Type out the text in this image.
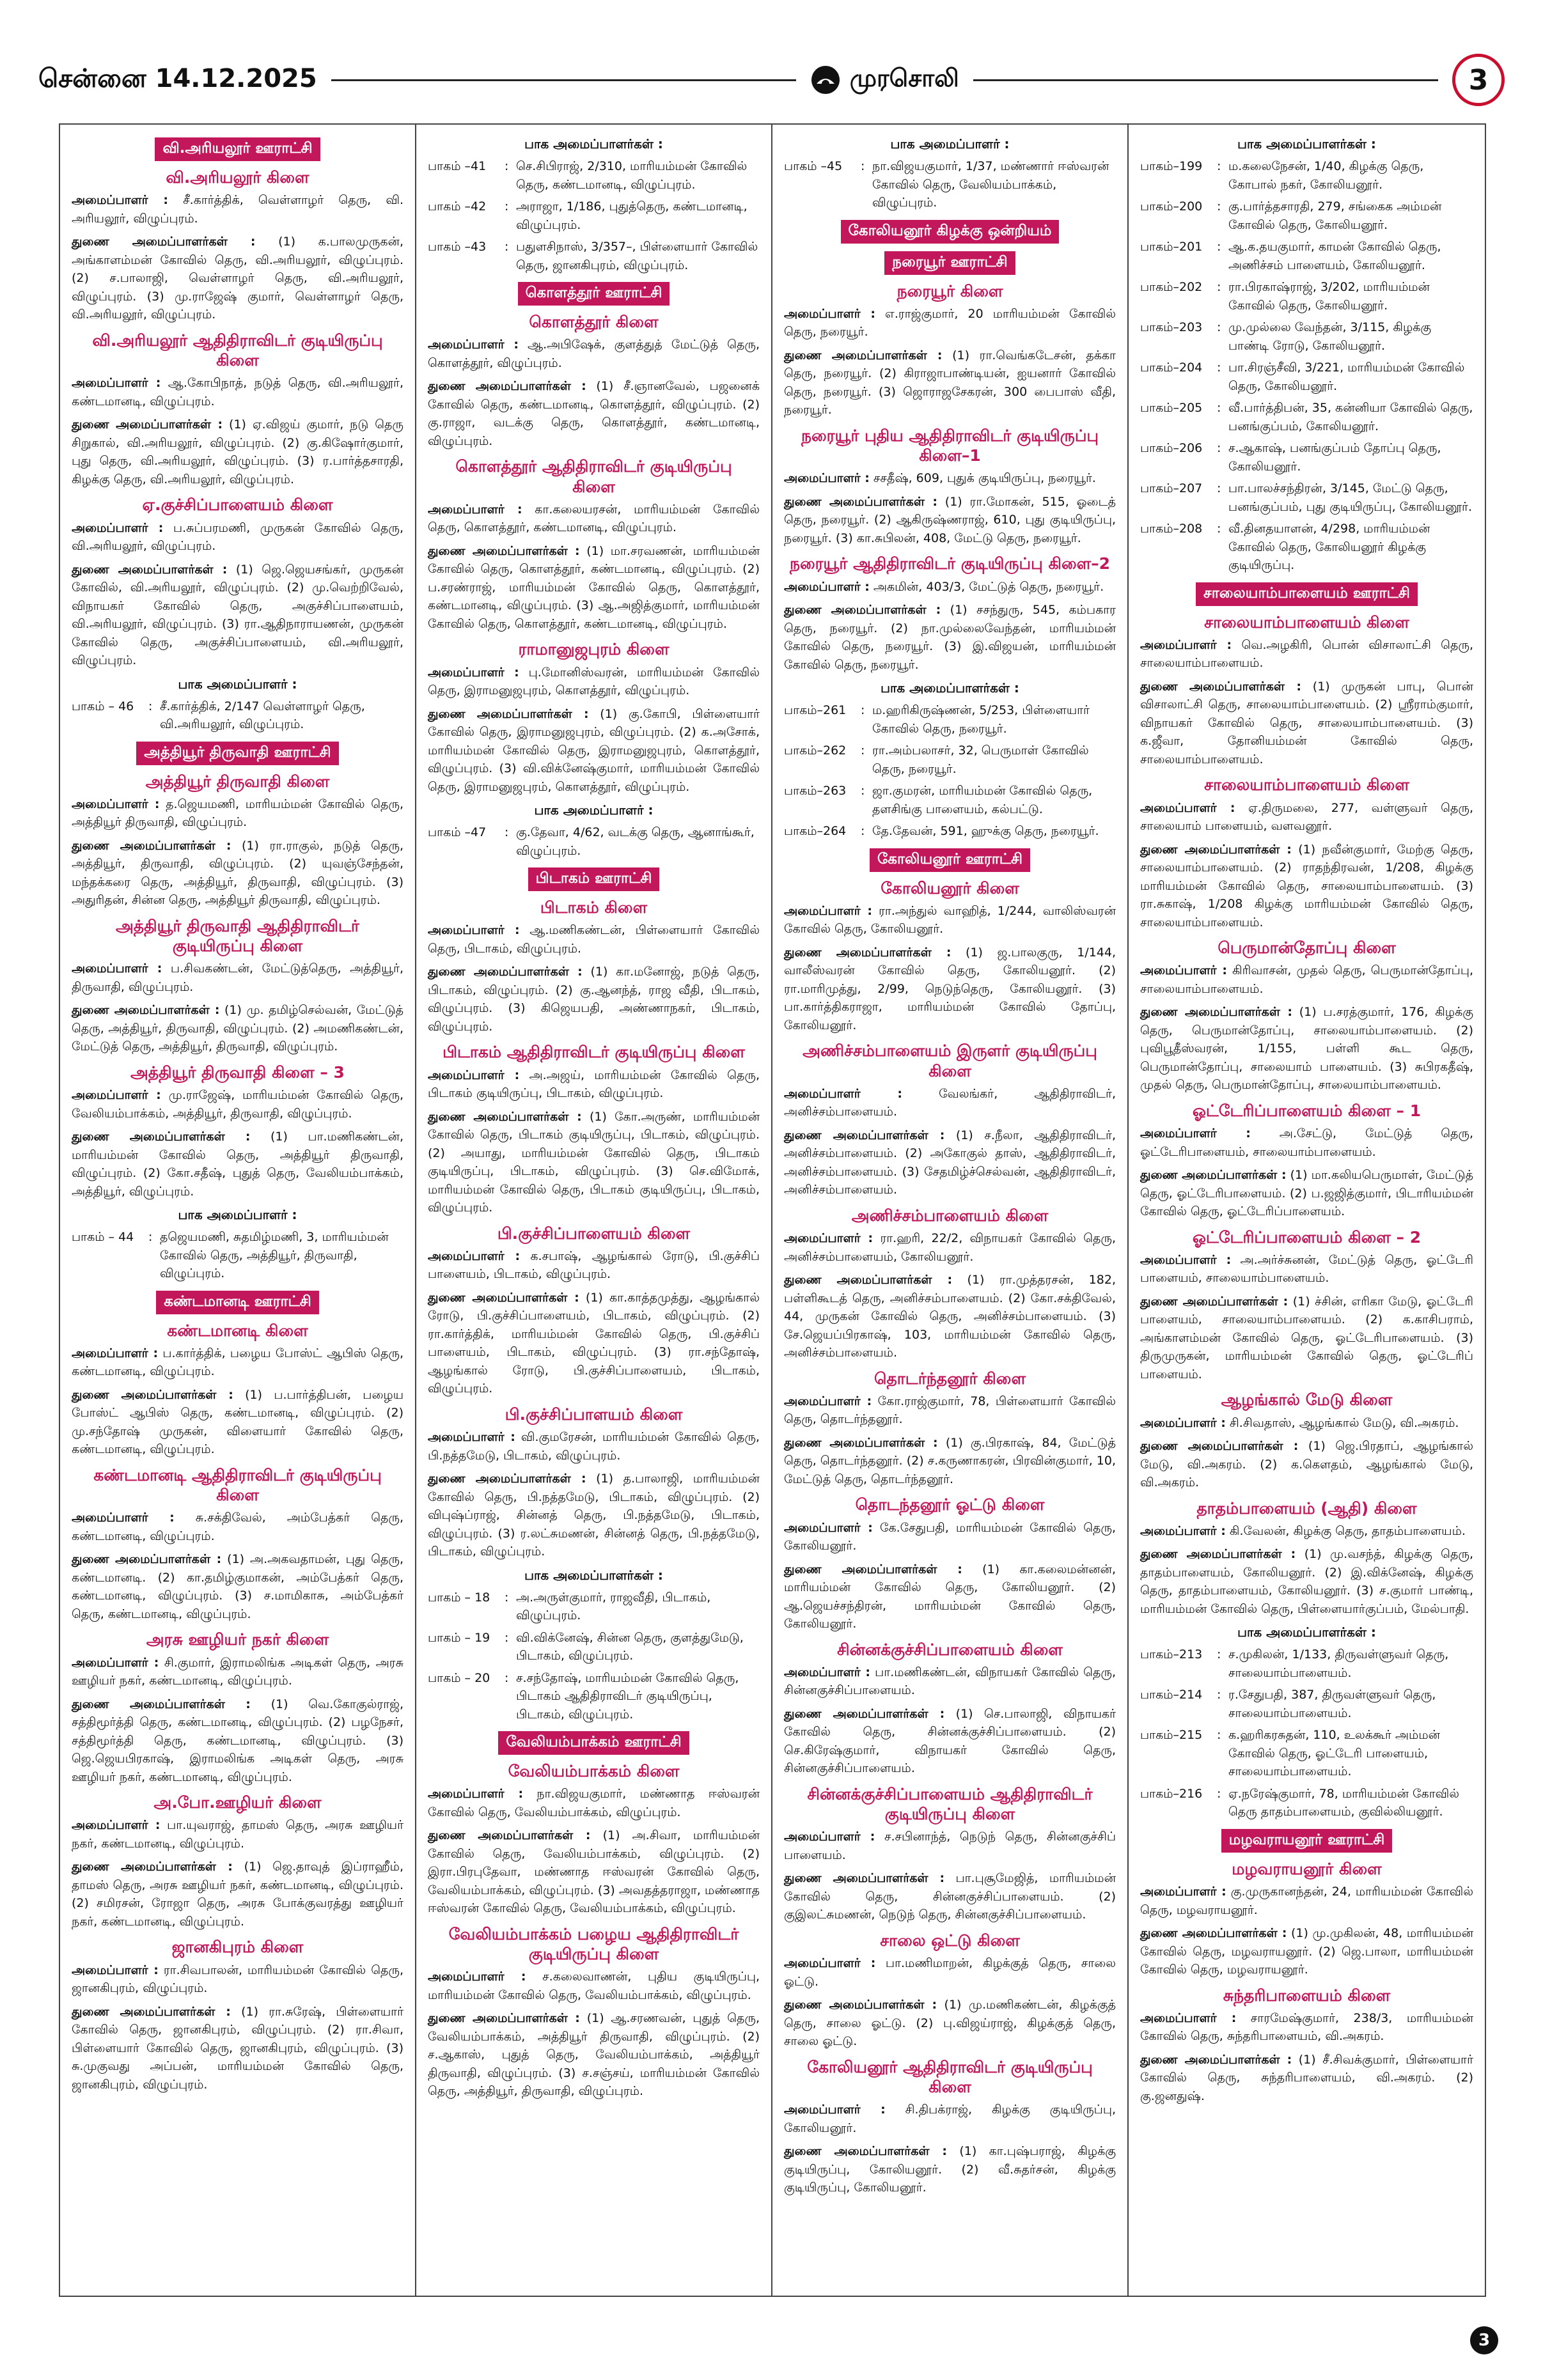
சென்னை 14.12.2025	முரசொலி	3
வி.அரியலூர் ஊராட்சி
வி.அரியலூர் கிளை

அமைப்பாளர் : சீ.கார்த்திக், வெள்ளாழர் தெரு, வி. அரியலூர், விழுப்புரம்.

துணை அமைப்பாளர்கள் : (1) க.பாலமுருகன், அங்காளம்மன் கோவில் தெரு, வி.அரியலூர், விழுப்புரம். (2) ச.பாலாஜி, வெள்ளாழர் தெரு, வி.அரியலூர், விழுப்புரம். (3) மு.ராஜேஷ் குமார், வெள்ளாழர் தெரு, வி.அரியலூர், விழுப்புரம்.

வி.அரியலூர் ஆதிதிராவிடர் குடியிருப்பு கிளை

அமைப்பாளர் : ஆ.கோபிநாத், நடுத் தெரு, வி.அரியலூர், கண்டமானடி, விழுப்புரம்.

துணை அமைப்பாளர்கள் : (1) ஏ.விஜய் குமார், நடு தெரு சிறுகால், வி.அரியலூர், விழுப்புரம். (2) கு.கிஷோர்குமார், புது தெரு, வி.அரியலூர், விழுப்புரம். (3) ர.பார்த்தசாரதி, கிழக்கு தெரு, வி.அரியலூர், விழுப்புரம்.

ஏ.குச்சிப்பாளையம் கிளை

அமைப்பாளர் : ப.சுப்பரமணி, முருகன் கோவில் தெரு, வி.அரியலூர், விழுப்புரம்.

துணை அமைப்பாளர்கள் : (1) ஜெ.ஜெயசங்கர், முருகன் கோவில், வி.அரியலூர், விழுப்புரம். (2) மு.வெற்றிவேல், விநாயகர் கோவில் தெரு, அகுச்சிப்பாளையம், வி.அரியலூர், விழுப்புரம். (3) ரா.ஆதிநாராயணன், முருகன் கோவில் தெரு, அகுச்சிப்பாளையம், வி.அரியலூர், விழுப்புரம்.

பாக அமைப்பாளர் :
பாகம் – 46	: சீ.கார்த்திக், 2/147 வெள்ளாழர் தெரு, வி.அரியலூர், விழுப்புரம்.
அத்தியூர் திருவாதி ஊராட்சி
அத்தியூர் திருவாதி கிளை

அமைப்பாளர் : த.ஜெயமணி, மாரியம்மன் கோவில் தெரு, அத்தியூர் திருவாதி, விழுப்புரம்.

துணை அமைப்பாளர்கள் : (1) ரா.ராகுல், நடுத் தெரு, அத்தியூர், திருவாதி, விழுப்புரம். (2) யுவஞ்சேந்தன், மந்தக்கரை தெரு, அத்தியூர், திருவாதி, விழுப்புரம். (3) அதுரிதன், சின்ன தெரு, அத்தியூர் திருவாதி, விழுப்புரம்.

அத்தியூர் திருவாதி ஆதிதிராவிடர் குடியிருப்பு கிளை

அமைப்பாளர் : ப.சிவகண்டன், மேட்டுத்தெரு, அத்தியூர், திருவாதி, விழுப்புரம்.

துணை அமைப்பாளர்கள் : (1) மு. தமிழ்செல்வன், மேட்டுத் தெரு, அத்தியூர், திருவாதி, விழுப்புரம். (2) அமணிகண்டன், மேட்டுத் தெரு, அத்தியூர், திருவாதி, விழுப்புரம்.

அத்தியூர் திருவாதி கிளை – 3

அமைப்பாளர் : மு.ராஜேஷ், மாரியம்மன் கோவில் தெரு, வேலியம்பாக்கம், அத்தியூர், திருவாதி, விழுப்புரம்.

துணை அமைப்பாளர்கள் : (1) பா.மணிகண்டன், மாரியம்மன் கோவில் தெரு, அத்தியூர் திருவாதி, விழுப்புரம். (2) கோ.சதீஷ், புதுத் தெரு, வேலியம்பாக்கம், அத்தியூர், விழுப்புரம்.

பாக அமைப்பாளர் :
பாகம் – 44	: தஜெயமணி, சுதமிழ்மணி, 3, மாரியம்மன் கோவில் தெரு, அத்தியூர், திருவாதி, விழுப்புரம்.
கண்டமானடி ஊராட்சி
கண்டமானடி கிளை

அமைப்பாளர் : ப.கார்த்திக், பழைய போஸ்ட் ஆபிஸ் தெரு, கண்டமானடி, விழுப்புரம்.

துணை அமைப்பாளர்கள் : (1) ப.பார்த்திபன், பழைய போஸ்ட் ஆபிஸ் தெரு, கண்டமானடி, விழுப்புரம். (2) மு.சந்தோஷ் முருகன், விளையார் கோவில் தெரு, கண்டமானடி, விழுப்புரம்.

கண்டமானடி ஆதிதிராவிடர் குடியிருப்பு கிளை

அமைப்பாளர் : சு.சக்திவேல், அம்பேத்கர் தெரு, கண்டமானடி, விழுப்புரம்.

துணை அமைப்பாளர்கள் : (1) அ.அகவதாமன், புது தெரு, கண்டமானடி. (2) கா.தமிழ்குமாகன், அம்பேத்கர் தெரு, கண்டமானடி, விழுப்புரம். (3) ச.மாமிகாசு, அம்பேத்கர் தெரு, கண்டமானடி, விழுப்புரம்.

அரசு ஊழியர் நகர் கிளை

அமைப்பாளர் : சி.குமார், இராமலிங்க அடிகள் தெரு, அரசு ஊழியர் நகர், கண்டமானடி, விழுப்புரம்.

துணை அமைப்பாளர்கள் : (1) வெ.கோகுல்ராஜ், சத்திமூர்த்தி தெரு, கண்டமானடி, விழுப்புரம். (2) பழநேசர், சத்திமூர்த்தி தெரு, கண்டமானடி, விழுப்புரம். (3) ஜெ.ஜெயபிரகாஷ், இராமலிங்க அடிகள் தெரு, அரசு ஊழியர் நகர், கண்டமானடி, விழுப்புரம்.

அ.போ.ஊழியர் கிளை

அமைப்பாளர் : பா.யுவராஜ், தாமஸ் தெரு, அரசு ஊழியர் நகர், கண்டமானடி, விழுப்புரம்.

துணை அமைப்பாளர்கள் : (1) ஜெ.தாவுத் இப்ராஹீம், தாமஸ் தெரு, அரசு ஊழியர் நகர், கண்டமானடி, விழுப்புரம். (2) சமிரசன், ரோஜா தெரு, அரசு போக்குவரத்து ஊழியர் நகர், கண்டமானடி, விழுப்புரம்.

ஜானகிபுரம் கிளை

அமைப்பாளர் : ரா.சிவபாலன், மாரியம்மன் கோவில் தெரு, ஜானகிபுரம், விழுப்புரம்.

துணை அமைப்பாளர்கள் : (1) ரா.சுரேஷ், பிள்ளையார் கோவில் தெரு, ஜானகிபுரம், விழுப்புரம். (2) ரா.சிவா, பிள்ளையார் கோவில் தெரு, ஜானகிபுரம், விழுப்புரம். (3) சு.முகுவது அப்பன், மாரியம்மன் கோவில் தெரு, ஜானகிபுரம், விழுப்புரம்.

பாக அமைப்பாளர்கள் :
பாகம் –41	: செ.சிபிராஜ், 2/310, மாரியம்மன் கோவில் தெரு, கண்டமானடி, விழுப்புரம்.
பாகம் –42	: அராஜா, 1/186, புதுத்தெரு, கண்டமானடி, விழுப்புரம்.
பாகம் –43	: பதுளசிநாஸ், 3/357–, பிள்ளையார் கோவில் தெரு, ஜானகிபுரம், விழுப்புரம்.
கொளத்தூர் ஊராட்சி
கொளத்தூர் கிளை

அமைப்பாளர் : ஆ.அபிஷேக், குளத்துத் மேட்டுத் தெரு, கொளத்தூர், விழுப்புரம்.

துணை அமைப்பாளர்கள் : (1) சீ.ஞானவேல், பஜனைக் கோவில் தெரு, கண்டமானடி, கொளத்தூர், விழுப்புரம். (2) கு.ராஜா, வடக்கு தெரு, கொளத்தூர், கண்டமானடி, விழுப்புரம்.

கொளத்தூர் ஆதிதிராவிடர் குடியிருப்பு கிளை

அமைப்பாளர் : கா.கலையரசன், மாரியம்மன் கோவில் தெரு, கொளத்தூர், கண்டமானடி, விழுப்புரம்.

துணை அமைப்பாளர்கள் : (1) மா.சரவணன், மாரியம்மன் கோவில் தெரு, கொளத்தூர், கண்டமானடி, விழுப்புரம். (2) ப.சரண்ராஜ், மாரியம்மன் கோவில் தெரு, கொளத்தூர், கண்டமானடி, விழுப்புரம். (3) ஆ.அஜித்குமார், மாரியம்மன் கோவில் தெரு, கொளத்தூர், கண்டமானடி, விழுப்புரம்.

ராமானுஜபுரம் கிளை

அமைப்பாளர் : பு.மோனிஸ்வரன், மாரியம்மன் கோவில் தெரு, இராமனுஜபுரம், கொளத்தூர், விழுப்புரம்.

துணை அமைப்பாளர்கள் : (1) கு.கோபி, பிள்ளையார் கோவில் தெரு, இராமனுஜபுரம், விழுப்புரம். (2) க.அசோக், மாரியம்மன் கோவில் தெரு, இராமனுஜபுரம், கொளத்தூர், விழுப்புரம். (3) வி.விக்னேஷ்குமார், மாரியம்மன் கோவில் தெரு, இராமனுஜபுரம், கொளத்தூர், விழுப்புரம்.

பாக அமைப்பாளர் :
பாகம் –47	: கு.தேவா, 4/62, வடக்கு தெரு, ஆனாங்கூர், விழுப்புரம்.
பிடாகம் ஊராட்சி
பிடாகம் கிளை

அமைப்பாளர் : ஆ.மணிகண்டன், பிள்ளையார் கோவில் தெரு, பிடாகம், விழுப்புரம்.

துணை அமைப்பாளர்கள் : (1) கா.மனோஜ், நடுத் தெரு, பிடாகம், விழுப்புரம். (2) கு.ஆனந்த், ராஜ வீதி, பிடாகம், விழுப்புரம். (3) கிஜெயபதி, அண்ணாநகர், பிடாகம், விழுப்புரம்.

பிடாகம் ஆதிதிராவிடர் குடியிருப்பு கிளை

அமைப்பாளர் : அ.அஜய், மாரியம்மன் கோவில் தெரு, பிடாகம் குடியிருப்பு, பிடாகம், விழுப்புரம்.

துணை அமைப்பாளர்கள் : (1) கோ.அருண், மாரியம்மன் கோவில் தெரு, பிடாகம் குடியிருப்பு, பிடாகம், விழுப்புரம். (2) அயாது, மாரியம்மன் கோவில் தெரு, பிடாகம் குடியிருப்பு, பிடாகம், விழுப்புரம். (3) செ.விமோக், மாரியம்மன் கோவில் தெரு, பிடாகம் குடியிருப்பு, பிடாகம், விழுப்புரம்.

பி.குச்சிப்பாளையம் கிளை

அமைப்பாளர் : க.சபாஷ், ஆழங்கால் ரோடு, பி.குச்சிப் பாளையம், பிடாகம், விழுப்புரம்.

துணை அமைப்பாளர்கள் : (1) கா.காத்தமுத்து, ஆழங்கால் ரோடு, பி.குச்சிப்பாளையம், பிடாகம், விழுப்புரம். (2) ரா.கார்த்திக், மாரியம்மன் கோவில் தெரு, பி.குச்சிப் பாளையம், பிடாகம், விழுப்புரம். (3) ரா.சந்தோஷ், ஆழங்கால் ரோடு, பி.குச்சிப்பாளையம், பிடாகம், விழுப்புரம்.

பி.குச்சிப்பாளயம் கிளை

அமைப்பாளர் : வி.குமரேசன், மாரியம்மன் கோவில் தெரு, பி.நத்தமேடு, பிடாகம், விழுப்புரம்.

துணை அமைப்பாளர்கள் : (1) த.பாலாஜி, மாரியம்மன் கோவில் தெரு, பி.நத்தமேடு, பிடாகம், விழுப்புரம். (2) விபுஷ்ப்ராஜ், சின்னத் தெரு, பி.நத்தமேடு, பிடாகம், விழுப்புரம். (3) ர.லட்சுமணன், சின்னத் தெரு, பி.நத்தமேடு, பிடாகம், விழுப்புரம்.

பாக அமைப்பாளர்கள் :
பாகம் – 18	: அ.அருள்குமார், ராஜவீதி, பிடாகம், விழுப்புரம்.
பாகம் – 19	: வி.விக்னேஷ், சின்ன தெரு, குளத்துமேடு, பிடாகம், விழுப்புரம்.
பாகம் – 20	: ச.சந்தோஷ், மாரியம்மன் கோவில் தெரு, பிடாகம் ஆதிதிராவிடர் குடியிருப்பு, பிடாகம், விழுப்புரம்.
வேலியம்பாக்கம் ஊராட்சி
வேலியம்பாக்கம் கிளை

அமைப்பாளர் : நா.விஜயகுமார், மண்ணாத ஈஸ்வரன் கோவில் தெரு, வேலியம்பாக்கம், விழுப்புரம்.

துணை அமைப்பாளர்கள் : (1) அ.சிவா, மாரியம்மன் கோவில் தெரு, வேலியம்பாக்கம், விழுப்புரம். (2) இரா.பிரபுதேவா, மண்ணாத ஈஸ்வரன் கோவில் தெரு, வேலியம்பாக்கம், விழுப்புரம். (3) அவதத்தராஜா, மண்ணாத ஈஸ்வரன் கோவில் தெரு, வேலியம்பாக்கம், விழுப்புரம்.

வேலியம்பாக்கம் பழைய ஆதிதிராவிடர் குடியிருப்பு கிளை

அமைப்பாளர் : ச.கலைவாணன், புதிய குடியிருப்பு, மாரியம்மன் கோவில் தெரு, வேலியம்பாக்கம், விழுப்புரம்.

துணை அமைப்பாளர்கள் : (1) ஆ.சரணவன், புதுத் தெரு, வேலியம்பாக்கம், அத்தியூர் திருவாதி, விழுப்புரம். (2) ச.ஆகாஸ், புதுத் தெரு, வேலியம்பாக்கம், அத்தியூர் திருவாதி, விழுப்புரம். (3) ச.சஞ்சய், மாரியம்மன் கோவில் தெரு, அத்தியூர், திருவாதி, விழுப்புரம்.

பாக அமைப்பாளர் :
பாகம் –45	: நா.விஜயகுமார், 1/37, மண்ணார் ஈஸ்வரன் கோவில் தெரு, வேலியம்பாக்கம், விழுப்புரம்.
கோலியனூர் கிழக்கு ஒன்றியம்
நரையூர் ஊராட்சி
நரையூர் கிளை

அமைப்பாளர் : எ.ராஜ்குமார், 20 மாரியம்மன் கோவில் தெரு, நரையூர்.

துணை அமைப்பாளர்கள் : (1) ரா.வெங்கடேசன், தக்கா தெரு, நரையூர். (2) கிராஜாபாண்டியன், ஐயனார் கோவில் தெரு, நரையூர். (3) ஜொராஜசேகரன், 300 பைபாஸ் வீதி, நரையூர்.

நரையூர் புதிய ஆதிதிராவிடர் குடியிருப்பு கிளை–1

அமைப்பாளர் : சசதீஷ், 609, புதுக் குடியிருப்பு, நரையூர்.

துணை அமைப்பாளர்கள் : (1) ரா.மோகன், 515, ஓடைத் தெரு, நரையூர். (2) ஆகிருஷ்ணராஜ், 610, புது குடியிருப்பு, நரையூர். (3) கா.சுபிலன், 408, மேட்டு தெரு, நரையூர்.

நரையூர் ஆதிதிராவிடர் குடியிருப்பு கிளை–2

அமைப்பாளர் : அகமின், 403/3, மேட்டுத் தெரு, நரையூர்.

துணை அமைப்பாளர்கள் : (1) சசந்துரு, 545, கம்பகார தெரு, நரையூர். (2) நா.முல்லைவேந்தன், மாரியம்மன் கோவில் தெரு, நரையூர். (3) இ.விஜயன், மாரியம்மன் கோவில் தெரு, நரையூர்.

பாக அமைப்பாளர்கள் :
பாகம்–261	: ம.ஹரிகிருஷ்ணன், 5/253, பிள்ளையார் கோவில் தெரு, நரையூர்.
பாகம்–262	: ரா.அம்பலாசர், 32, பெருமாள் கோவில் தெரு, நரையூர்.
பாகம்–263	: ஜா.குமரன், மாரியம்மன் கோவில் தெரு, தளசிங்கு பாளையம், கல்பட்டு.
பாகம்–264	: தே.தேவன், 591, ஹுக்கு தெரு, நரையூர்.
கோலியனூர் ஊராட்சி
கோலியனூர் கிளை

அமைப்பாளர் : ரா.அந்துல் வாஹித், 1/244, வாலிஸ்வரன் கோவில் தெரு, கோலியனூர்.

துணை அமைப்பாளர்கள் : (1) ஜ.பாலகுரு, 1/144, வாலீஸ்வரன் கோவில் தெரு, கோலியனூர். (2) ரா.மாரிமுத்து, 2/99, நெடுந்தெரு, கோலியனூர். (3) பா.கார்த்திகராஜா, மாரியம்மன் கோவில் தோப்பு, கோலியனூர்.

அணிச்சம்பாளையம் இருளர் குடியிருப்பு கிளை

அமைப்பாளர் : வேலங்கர், ஆதிதிராவிடர், அனிச்சம்பாளையம்.

துணை அமைப்பாளர்கள் : (1) ச.நீலா, ஆதிதிராவிடர், அனிச்சம்பாளையம். (2) அகோகுல் தாஸ், ஆதிதிராவிடர், அனிச்சம்பாளையம். (3) சேதமிழ்ச்செல்வன், ஆதிதிராவிடர், அனிச்சம்பாளையம்.

அணிச்சம்பாளையம் கிளை

அமைப்பாளர் : ரா.ஹரி, 22/2, விநாயகர் கோவில் தெரு, அனிச்சம்பாளையம், கோலியனூர்.

துணை அமைப்பாளர்கள் : (1) ரா.முத்தரசன், 182, பள்ளிகூடத் தெரு, அனிச்சம்பாளையம். (2) கோ.சக்திவேல், 44, முருகன் கோவில் தெரு, அனிச்சம்பாளையம். (3) சே.ஜெயப்பிரகாஷ், 103, மாரியம்மன் கோவில் தெரு, அனிச்சம்பாளையம்.

தொடர்ந்தனூர் கிளை

அமைப்பாளர் : கோ.ராஜ்குமார், 78, பிள்ளையார் கோவில் தெரு, தொடர்ந்தனூர்.

துணை அமைப்பாளர்கள் : (1) கு.பிரகாஷ், 84, மேட்டுத் தெரு, தொடர்ந்தனூர். (2) ச.கருணாகரன், பிரவின்குமார், 10, மேட்டுத் தெரு, தொடர்ந்தனூர்.

தொடந்தனூர் ஓட்டு கிளை

அமைப்பாளர் : கே.சேதுபதி, மாரியம்மன் கோவில் தெரு, கோலியனூர்.

துணை அமைப்பாளர்கள் : (1) கா.கலைமன்னன், மாரியம்மன் கோவில் தெரு, கோலியனூர். (2) ஆ.ஜெயச்சந்திரன், மாரியம்மன் கோவில் தெரு, கோலியனூர்.

சின்னக்குச்சிப்பாளையம் கிளை

அமைப்பாளர் : பா.மணிகண்டன், விநாயகர் கோவில் தெரு, சின்னகுச்சிப்பாளையம்.

துணை அமைப்பாளர்கள் : (1) செ.பாலாஜி, விநாயகர் கோவில் தெரு, சின்னக்குச்சிப்பாளையம். (2) செ.கிரேஷ்குமார், விநாயகர் கோவில் தெரு, சின்னகுச்சிப்பாளையம்.

சின்னக்குச்சிப்பாளையம் ஆதிதிராவிடர் குடியிருப்பு கிளை

அமைப்பாளர் : ச.சபினாந்த், நெடுந் தெரு, சின்னகுச்சிப் பாளையம்.

துணை அமைப்பாளர்கள் : பா.புசூமேஜித், மாரியம்மன் கோவில் தெரு, சின்னகுச்சிப்பாளையம். (2) குஇலட்சுமணன், நெடுந் தெரு, சின்னகுச்சிப்பாளையம்.

சாலை ஒட்டு கிளை

அமைப்பாளர் : பா.மணிமாறன், கிழக்குத் தெரு, சாலை ஓட்டு.

துணை அமைப்பாளர்கள் : (1) மு.மணிகண்டன், கிழக்குத் தெரு, சாலை ஓட்டு. (2) பு.விஜய்ராஜ், கிழக்குத் தெரு, சாலை ஓட்டு.

கோலியனூர் ஆதிதிராவிடர் குடியிருப்பு கிளை

அமைப்பாளர் : சி.திபக்ராஜ், கிழக்கு குடியிருப்பு, கோலியனூர்.

துணை அமைப்பாளர்கள் : (1) கா.புஷ்பராஜ், கிழக்கு குடியிருப்பு, கோலியனூர். (2) வீ.சுதர்சன், கிழக்கு குடியிருப்பு, கோலியனூர்.

பாக அமைப்பாளர்கள் :
பாகம்–199	: ம.கலைநேசன், 1/40, கிழக்கு தெரு, கோபால் நகர், கோலியனூர்.
பாகம்–200	: கு.பார்த்தசாரதி, 279, சங்கைக அம்மன் கோவில் தெரு, கோலியனூர்.
பாகம்–201	: ஆ.க.தயகுமார், காமன் கோவில் தெரு, அணிச்சம் பாளையம், கோலியனூர்.
பாகம்–202	: ரா.பிரகாஷ்ராஜ், 3/202, மாரியம்மன் கோவில் தெரு, கோலியனூர்.
பாகம்–203	: மு.முல்லை வேந்தன், 3/115, கிழக்கு பாண்டி ரோடு, கோலியனூர்.
பாகம்–204	: பா.சிரஞ்சீவி, 3/221, மாரியம்மன் கோவில் தெரு, கோலியனூர்.
பாகம்–205	: வீ.பார்த்திபன், 35, கன்னியா கோவில் தெரு, பனங்குப்பம், கோலியனூர்.
பாகம்–206	: ச.ஆகாஷ், பனங்குப்பம் தோப்பு தெரு, கோலியனூர்.
பாகம்–207	: பா.பாலச்சந்திரன், 3/145, மேட்டு தெரு, பனங்குப்பம், புது குடியிருப்பு, கோலியனூர்.
பாகம்–208	: வீ.தினதயாளன், 4/298, மாரியம்மன் கோவில் தெரு, கோலியனூர் கிழக்கு குடியிருப்பு.
சாலையாம்பாளையம் ஊராட்சி
சாலையாம்பாளையம் கிளை

அமைப்பாளர் : வெ.அழகிரி, பொன் விசாலாட்சி தெரு, சாலையாம்பாளையம்.

துணை அமைப்பாளர்கள் : (1) முருகன் பாபு, பொன் விசாலாட்சி தெரு, சாலையாம்பாளையம். (2) ஸ்ரீராம்குமார், விநாயகர் கோவில் தெரு, சாலையாம்பாளையம். (3) க.ஜீவா, தோனியம்மன் கோவில் தெரு, சாலையாம்பாளையம்.

சாலையாம்பாளையம் கிளை

அமைப்பாளர் : ஏ.திருமலை, 277, வள்ளுவர் தெரு, சாலையாம் பாளையம், வளவனூர்.

துணை அமைப்பாளர்கள் : (1) நவீன்குமார், மேற்கு தெரு, சாலையாம்பாளையம். (2) ராதந்திரவன், 1/208, கிழக்கு மாரியம்மன் கோவில் தெரு, சாலையாம்பாளையம். (3) ரா.சுகாஷ், 1/208 கிழக்கு மாரியம்மன் கோவில் தெரு, சாலையாம்பாளையம்.

பெருமான்தோப்பு கிளை

அமைப்பாளர் : கிரிவாசன், முதல் தெரு, பெருமான்தோப்பு, சாலையாம்பாளையம்.

துணை அமைப்பாளர்கள் : (1) ப.சரத்குமார், 176, கிழக்கு தெரு, பெருமான்தோப்பு, சாலையாம்பாளையம். (2) புவிபூதீஸ்வரன், 1/155, பள்ளி கூட தெரு, பெருமான்தோப்பு, சாலையாம் பாளையம். (3) சுபிரகதீஷ், முதல் தெரு, பெருமான்தோப்பு, சாலையாம்பாளையம்.

ஓட்டேரிப்பாளையம் கிளை – 1

அமைப்பாளர் : அ.சேட்டு, மேட்டுத் தெரு, ஓட்டேரிபாளையம், சாலையாம்பாளையம்.

துணை அமைப்பாளர்கள் : (1) மா.கலியபெருமாள், மேட்டுத் தெரு, ஓட்டேரிபாளையம். (2) ப.ஜஜித்குமார், பிடாரியம்மன் கோவில் தெரு, ஓட்டேரிப்பாளையம்.

ஓட்டேரிப்பாளையம் கிளை – 2

அமைப்பாளர் : அ.அர்ச்சுனன், மேட்டுத் தெரு, ஓட்டேரி பாளையம், சாலையாம்பாளையம்.

துணை அமைப்பாளர்கள் : (1) ச்சின், எரிகா மேடு, ஓட்டேரி பாளையம், சாலையாம்பாளையம். (2) க.காசிபராம், அங்காளம்மன் கோவில் தெரு, ஓட்டேரிபாளையம். (3) திருமுருகன், மாரியம்மன் கோவில் தெரு, ஓட்டேரிப் பாளையம்.

ஆழங்கால் மேடு கிளை

அமைப்பாளர் : சி.சிவதாஸ், ஆழங்கால் மேடு, வி.அகரம்.

துணை அமைப்பாளர்கள் : (1) ஜெ.பிரதாப், ஆழங்கால் மேடு, வி.அகரம். (2) க.கௌதம், ஆழங்கால் மேடு, வி.அகரம்.

தாதம்பாளையம் (ஆதி) கிளை

அமைப்பாளர் : கி.வேலன், கிழக்கு தெரு, தாதம்பாளையம்.

துணை அமைப்பாளர்கள் : (1) மு.வசந்த், கிழக்கு தெரு, தாதம்பாளையம், கோலியனூர். (2) இ.விக்னேஷ், கிழக்கு தெரு, தாதம்பாளையம், கோலியனூர். (3) ச.குமார் பாண்டி, மாரியம்மன் கோவில் தெரு, பிள்ளையார்குப்பம், மேல்பாதி.

பாக அமைப்பாளர்கள் :
பாகம்–213	: ச.முகிலன், 1/133, திருவள்ளுவர் தெரு, சாலையாம்பாளையம்.
பாகம்–214	: ர.சேதுபதி, 387, திருவள்ளுவர் தெரு, சாலையாம்பாளையம்.
பாகம்–215	: க.ஹரிகரசுதன், 110, உலக்கூர் அம்மன் கோவில் தெரு, ஓட்டேரி பாளையம், சாலையாம்பாளையம்.
பாகம்–216	: ஏ.நரேஷ்குமார், 78, மாரியம்மன் கோவில் தெரு தாதம்பாளையம், குவில்லியனூர்.
மழவராயனூர் ஊராட்சி
மழவராயனூர் கிளை

அமைப்பாளர் : கு.முருகானந்தன், 24, மாரியம்மன் கோவில் தெரு, மழவராயனூர்.

துணை அமைப்பாளர்கள் : (1) மு.முகிலன், 48, மாரியம்மன் கோவில் தெரு, மழவராயனூர். (2) ஜெ.பாலா, மாரியம்மன் கோவில் தெரு, மழவராயனூர்.

சுந்தரிபாளையம் கிளை

அமைப்பாளர் : சாரமேஷ்குமார், 238/3, மாரியம்மன் கோவில் தெரு, சுந்தரிபாளையம், வி.அகரம்.

துணை அமைப்பாளர்கள் : (1) சீ.சிவக்குமார், பிள்ளையார் கோவில் தெரு, சுந்தரிபாளையம், வி.அகரம். (2) கு.ஜனதுஷ்.

3
